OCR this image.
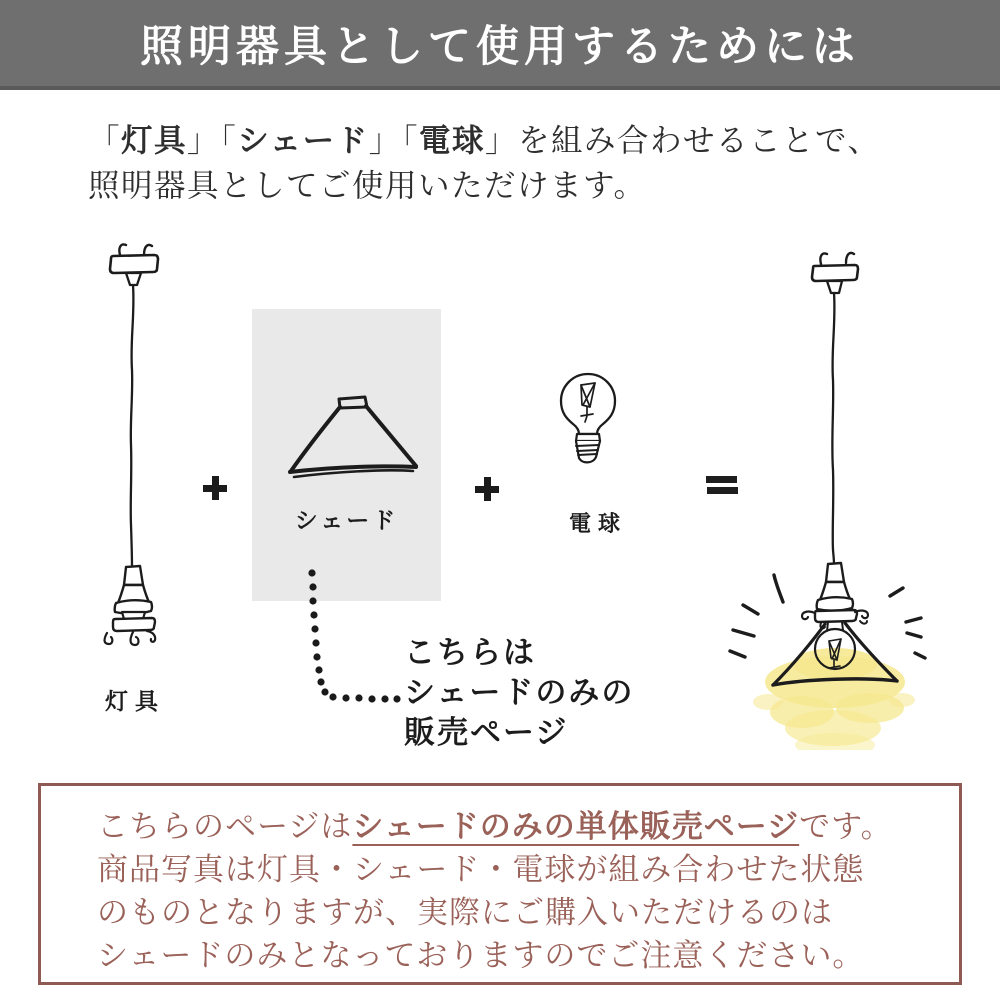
照明器具として使用するためには
「灯具」「シェード」「電球」を組み合わせることで、
照明器具としてご使用いただけます。
灯具
シェード	電球
こちらは
シェードのみの
販売ページ
こちらのページはシェードのみの単体販売ページです。
商品写真は灯具・シェード・電球が組み合わせた状態
のものとなりますが、実際にご購入いただけるのは
シェードのみとなっておりますのでご注意ください。
